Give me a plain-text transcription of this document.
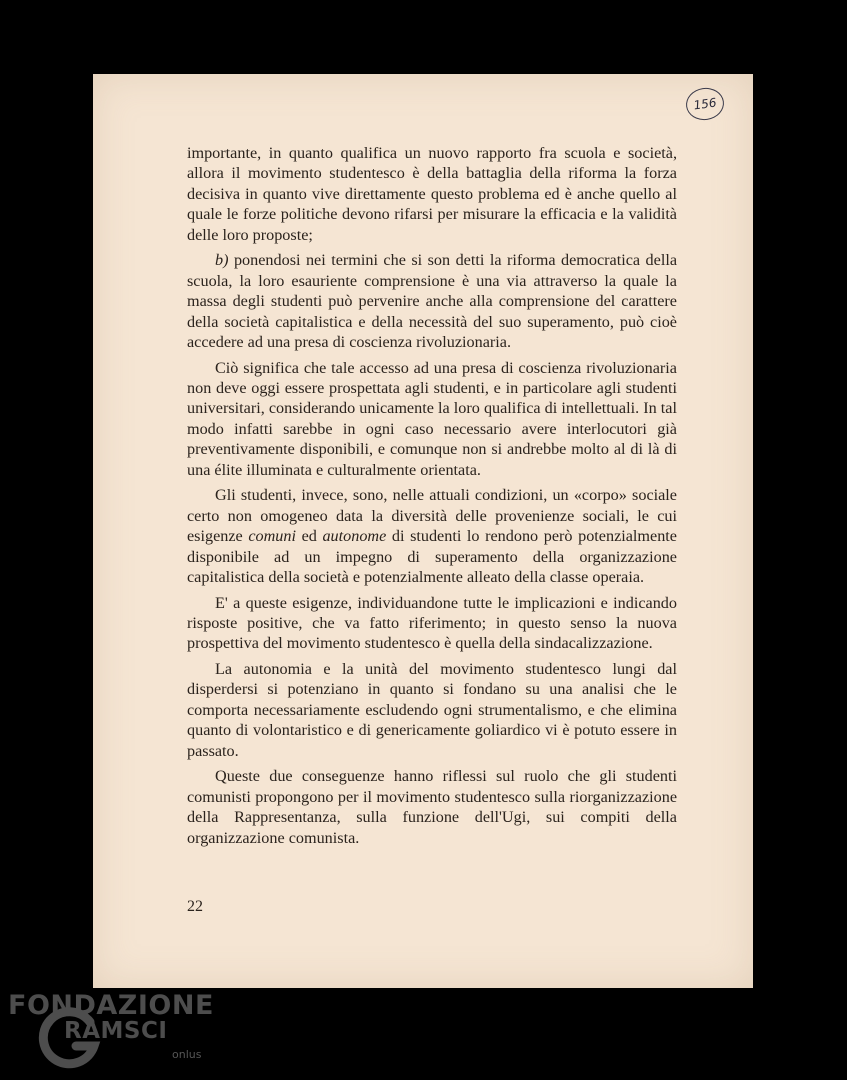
156

importante, in quanto qualifica un nuovo rapporto fra scuola e società, allora il movimento studentesco è della battaglia della riforma la forza decisiva in quanto vive direttamente questo problema ed è anche quello al quale le forze politiche devono rifarsi per misurare la efficacia e la validità delle loro proposte;

b) ponendosi nei termini che si son detti la riforma democratica della scuola, la loro esauriente comprensione è una via attraverso la quale la massa degli studenti può pervenire anche alla comprensione del carattere della società capitalistica e della necessità del suo superamento, può cioè accedere ad una presa di coscienza rivoluzionaria.

Ciò significa che tale accesso ad una presa di coscienza rivoluzionaria non deve oggi essere prospettata agli studenti, e in particolare agli studenti universitari, considerando unicamente la loro qualifica di intellettuali. In tal modo infatti sarebbe in ogni caso necessario avere interlocutori già preventivamente disponibili, e comunque non si andrebbe molto al di là di una élite illuminata e culturalmente orientata.

Gli studenti, invece, sono, nelle attuali condizioni, un «corpo» sociale certo non omogeneo data la diversità delle provenienze sociali, le cui esigenze comuni ed autonome di studenti lo rendono però potenzialmente disponibile ad un impegno di superamento della organizzazione capitalistica della società e potenzialmente alleato della classe operaia.

E' a queste esigenze, individuandone tutte le implicazioni e indicando risposte positive, che va fatto riferimento; in questo senso la nuova prospettiva del movimento studentesco è quella della sindacalizzazione.

La autonomia e la unità del movimento studentesco lungi dal disperdersi si potenziano in quanto si fondano su una analisi che le comporta necessariamente escludendo ogni strumentalismo, e che elimina quanto di volontaristico e di genericamente goliardico vi è potuto essere in passato.

Queste due conseguenze hanno riflessi sul ruolo che gli studenti comunisti propongono per il movimento studentesco sulla riorganizzazione della Rappresentanza, sulla funzione dell'Ugi, sui compiti della organizzazione comunista.

22
FONDAZIONE
RAMSCI
onlus
